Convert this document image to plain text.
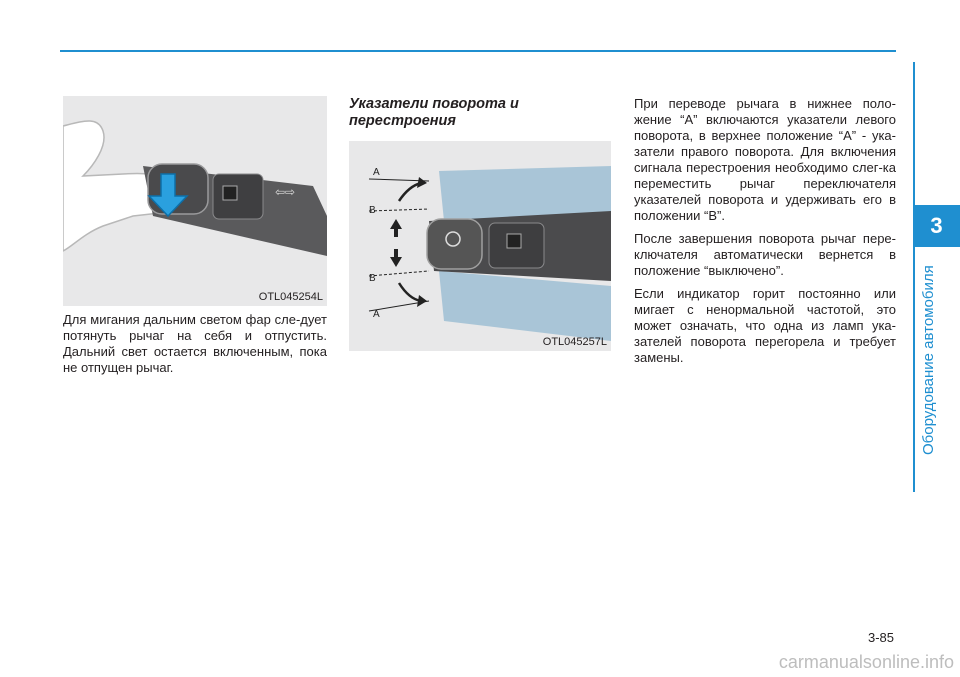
3
Оборудование автомобиля
⇦⇨
OTL045254L
Для мигания дальним светом фар сле-дует потянуть рычаг на себя и отпустить. Дальний свет остается включенным, пока не отпущен рычаг.
Указатели поворота и перестроения
A
B
B
A
OTL045257L

При переводе рычага в нижнее поло-жение “A” включаются указатели левого поворота, в верхнее положение “A” - ука-затели правого поворота. Для включения сигнала перестроения необходимо слег-ка переместить рычаг переключателя указателей поворота и удерживать его в положении “B”.

После завершения поворота рычаг пере-ключателя автоматически вернется в положение “выключено”.

Если индикатор горит постоянно или мигает с ненормальной частотой, это может означать, что одна из ламп ука-зателей поворота перегорела и требует замены.

3-85
carmanualsonline.info
